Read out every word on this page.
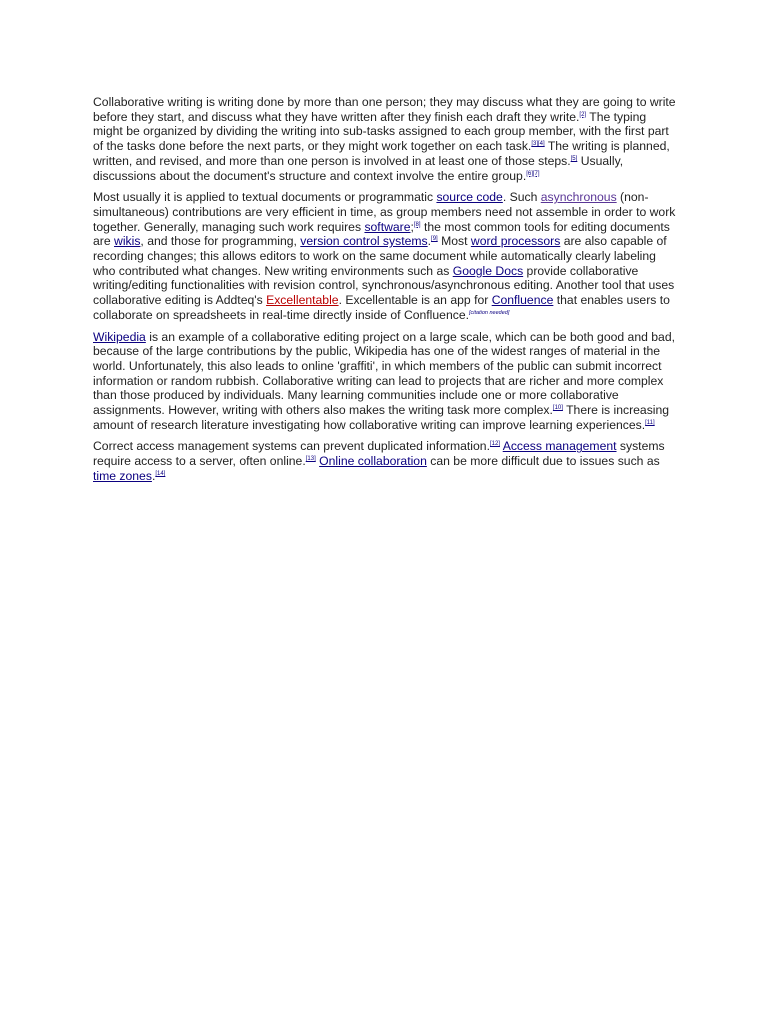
Collaborative writing is writing done by more than one person; they may discuss what they are going to write before they start, and discuss what they have written after they finish each draft they write.[2] The typing might be organized by dividing the writing into sub-tasks assigned to each group member, with the first part of the tasks done before the next parts, or they might work together on each task.[3][4] The writing is planned, written, and revised, and more than one person is involved in at least one of those steps.[5] Usually, discussions about the document's structure and context involve the entire group.[6][7]

Most usually it is applied to textual documents or programmatic source code. Such asynchronous (non-simultaneous) contributions are very efficient in time, as group members need not assemble in order to work together. Generally, managing such work requires software;[8] the most common tools for editing documents are wikis, and those for programming, version control systems.[9] Most word processors are also capable of recording changes; this allows editors to work on the same document while automatically clearly labeling who contributed what changes. New writing environments such as Google Docs provide collaborative writing/editing functionalities with revision control, synchronous/asynchronous editing. Another tool that uses collaborative editing is Addteq's Excellentable. Excellentable is an app for Confluence that enables users to collaborate on spreadsheets in real-time directly inside of Confluence.[citation needed]

Wikipedia is an example of a collaborative editing project on a large scale, which can be both good and bad, because of the large contributions by the public, Wikipedia has one of the widest ranges of material in the world. Unfortunately, this also leads to online 'graffiti', in which members of the public can submit incorrect information or random rubbish. Collaborative writing can lead to projects that are richer and more complex than those produced by individuals. Many learning communities include one or more collaborative assignments. However, writing with others also makes the writing task more complex.[10] There is increasing amount of research literature investigating how collaborative writing can improve learning experiences.[11]

Correct access management systems can prevent duplicated information.[12] Access management systems require access to a server, often online.[13] Online collaboration can be more difficult due to issues such as time zones.[14]
